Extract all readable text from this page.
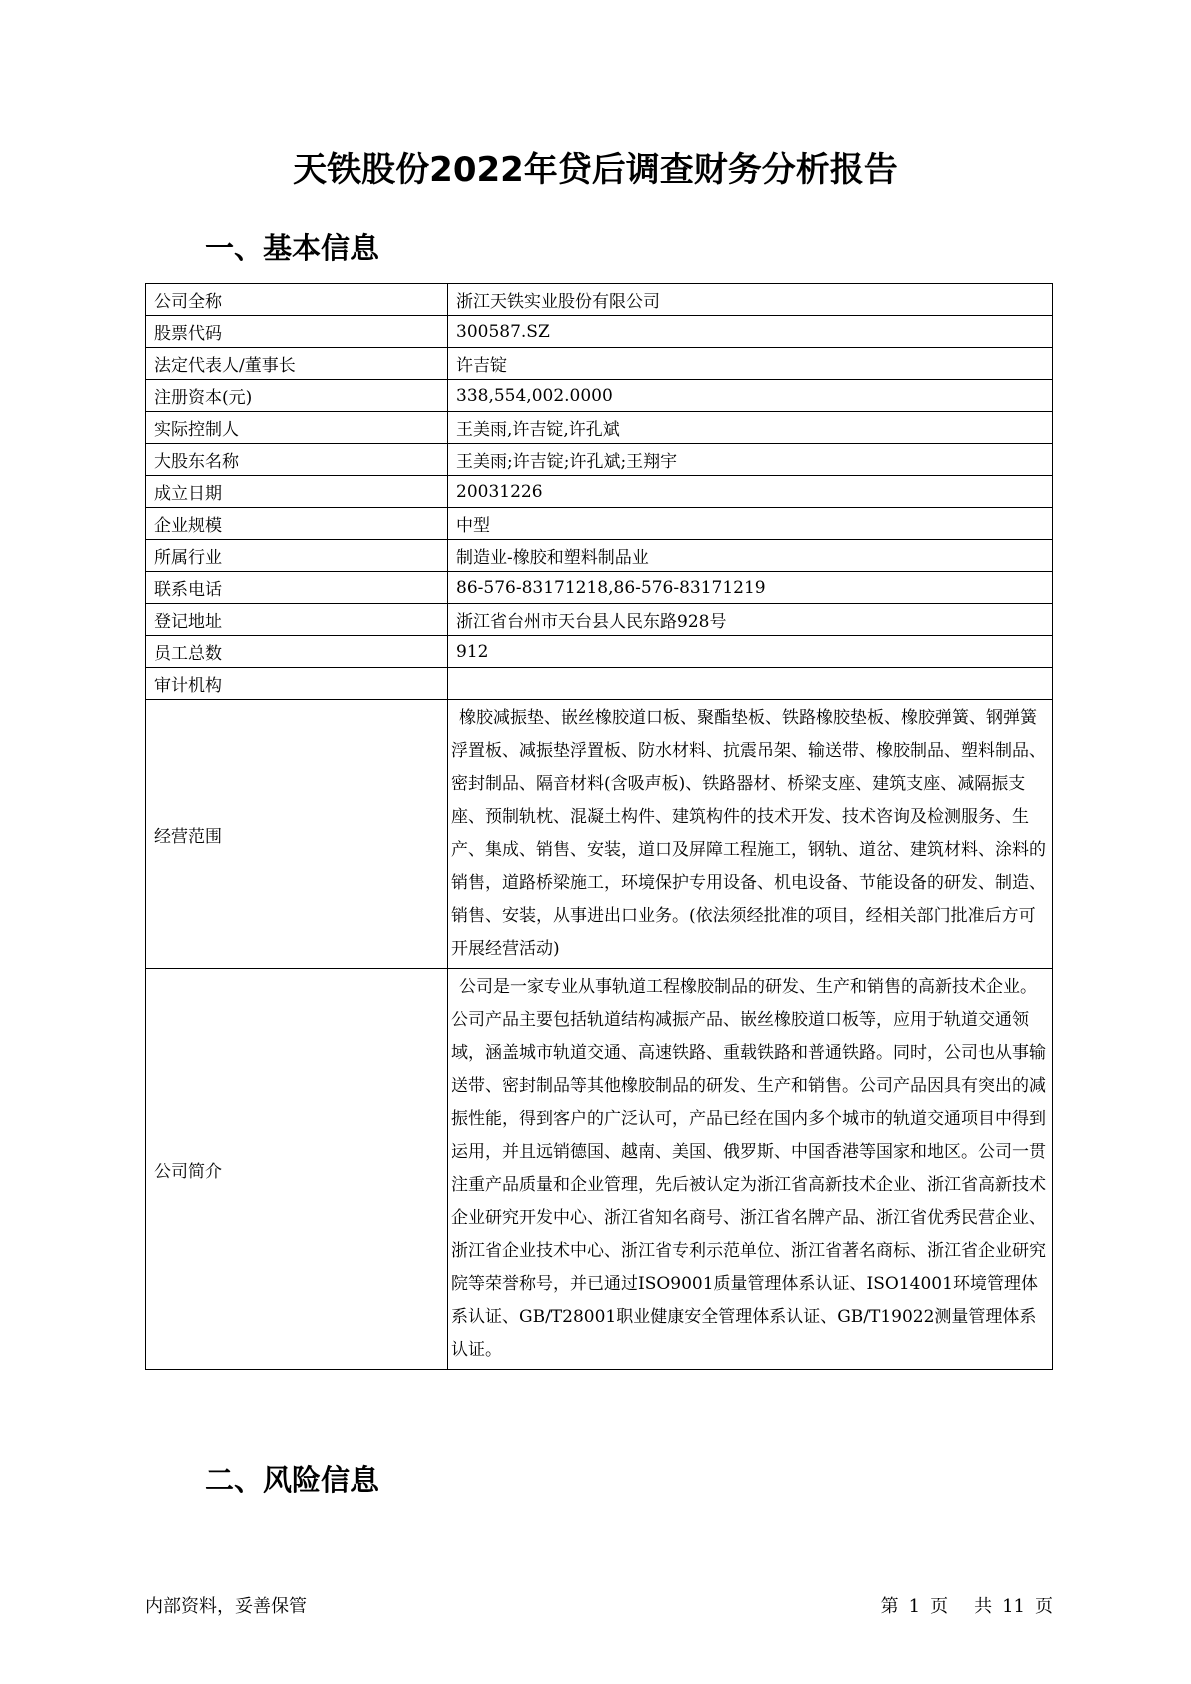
天铁股份2022年贷后调查财务分析报告
一、基本信息
公司全称	浙江天铁实业股份有限公司
股票代码	300587.SZ
法定代表人/董事长	许吉锭
注册资本(元)	338,554,002.0000
实际控制人	王美雨,许吉锭,许孔斌
大股东名称	王美雨;许吉锭;许孔斌;王翔宇
成立日期	20031226
企业规模	中型
所属行业	制造业-橡胶和塑料制品业
联系电话	86-576-83171218,86-576-83171219
登记地址	浙江省台州市天台县人民东路928号
员工总数	912
审计机构	
经营范围	橡胶减振垫、嵌丝橡胶道口板、聚酯垫板、铁路橡胶垫板、橡胶弹簧、钢弹簧浮置板、减振垫浮置板、防水材料、抗震吊架、输送带、橡胶制品、塑料制品、密封制品、隔音材料(含吸声板)、铁路器材、桥梁支座、建筑支座、减隔振支座、预制轨枕、混凝土构件、建筑构件的技术开发、技术咨询及检测服务、生产、集成、销售、安装，道口及屏障工程施工，钢轨、道岔、建筑材料、涂料的销售，道路桥梁施工，环境保护专用设备、机电设备、节能设备的研发、制造、销售、安装，从事进出口业务。(依法须经批准的项目，经相关部门批准后方可开展经营活动)
公司简介	公司是一家专业从事轨道工程橡胶制品的研发、生产和销售的高新技术企业。公司产品主要包括轨道结构减振产品、嵌丝橡胶道口板等，应用于轨道交通领域，涵盖城市轨道交通、高速铁路、重载铁路和普通铁路。同时，公司也从事输送带、密封制品等其他橡胶制品的研发、生产和销售。公司产品因具有突出的减振性能，得到客户的广泛认可，产品已经在国内多个城市的轨道交通项目中得到运用，并且远销德国、越南、美国、俄罗斯、中国香港等国家和地区。公司一贯注重产品质量和企业管理，先后被认定为浙江省高新技术企业、浙江省高新技术企业研究开发中心、浙江省知名商号、浙江省名牌产品、浙江省优秀民营企业、浙江省企业技术中心、浙江省专利示范单位、浙江省著名商标、浙江省企业研究院等荣誉称号，并已通过ISO9001质量管理体系认证、ISO14001环境管理体系认证、GB/T28001职业健康安全管理体系认证、GB/T19022测量管理体系认证。
二、风险信息
内部资料，妥善保管	第 1 页 共 11 页
